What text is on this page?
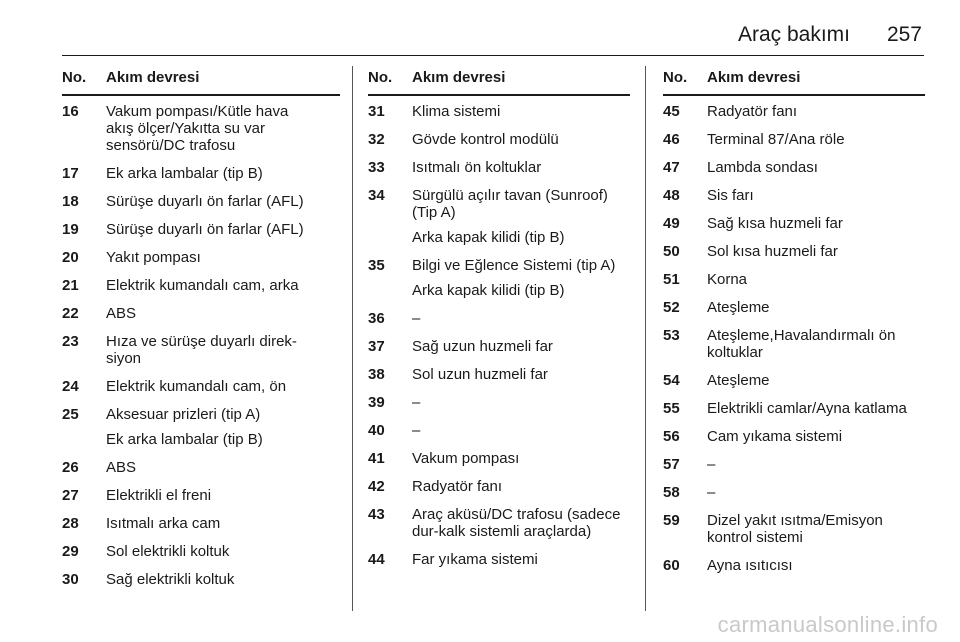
Araç bakımı 257
No.	Akım devresi
16	Vakum pompası/Kütle hava
akış ölçer/Yakıtta su var
sensörü/DC trafosu
17	Ek arka lambalar (tip B)
18	Sürüşe duyarlı ön farlar (AFL)
19	Sürüşe duyarlı ön farlar (AFL)
20	Yakıt pompası
21	Elektrik kumandalı cam, arka
22	ABS
23	Hıza ve sürüşe duyarlı direk-
siyon
24	Elektrik kumandalı cam, ön
25	Aksesuar prizleri (tip A)
Ek arka lambalar (tip B)
26	ABS
27	Elektrikli el freni
28	Isıtmalı arka cam
29	Sol elektrikli koltuk
30	Sağ elektrikli koltuk
No.	Akım devresi
31	Klima sistemi
32	Gövde kontrol modülü
33	Isıtmalı ön koltuklar
34	Sürgülü açılır tavan (Sunroof)
(Tip A)
Arka kapak kilidi (tip B)
35	Bilgi ve Eğlence Sistemi (tip A)
Arka kapak kilidi (tip B)
36	–
37	Sağ uzun huzmeli far
38	Sol uzun huzmeli far
39	–
40	–
41	Vakum pompası
42	Radyatör fanı
43	Araç aküsü/DC trafosu (sadece
dur-kalk sistemli araçlarda)
44	Far yıkama sistemi
No.	Akım devresi
45	Radyatör fanı
46	Terminal 87/Ana röle
47	Lambda sondası
48	Sis farı
49	Sağ kısa huzmeli far
50	Sol kısa huzmeli far
51	Korna
52	Ateşleme
53	Ateşleme,Havalandırmalı ön
koltuklar
54	Ateşleme
55	Elektrikli camlar/Ayna katlama
56	Cam yıkama sistemi
57	–
58	–
59	Dizel yakıt ısıtma/Emisyon
kontrol sistemi
60	Ayna ısıtıcısı
carmanualsonline.info
